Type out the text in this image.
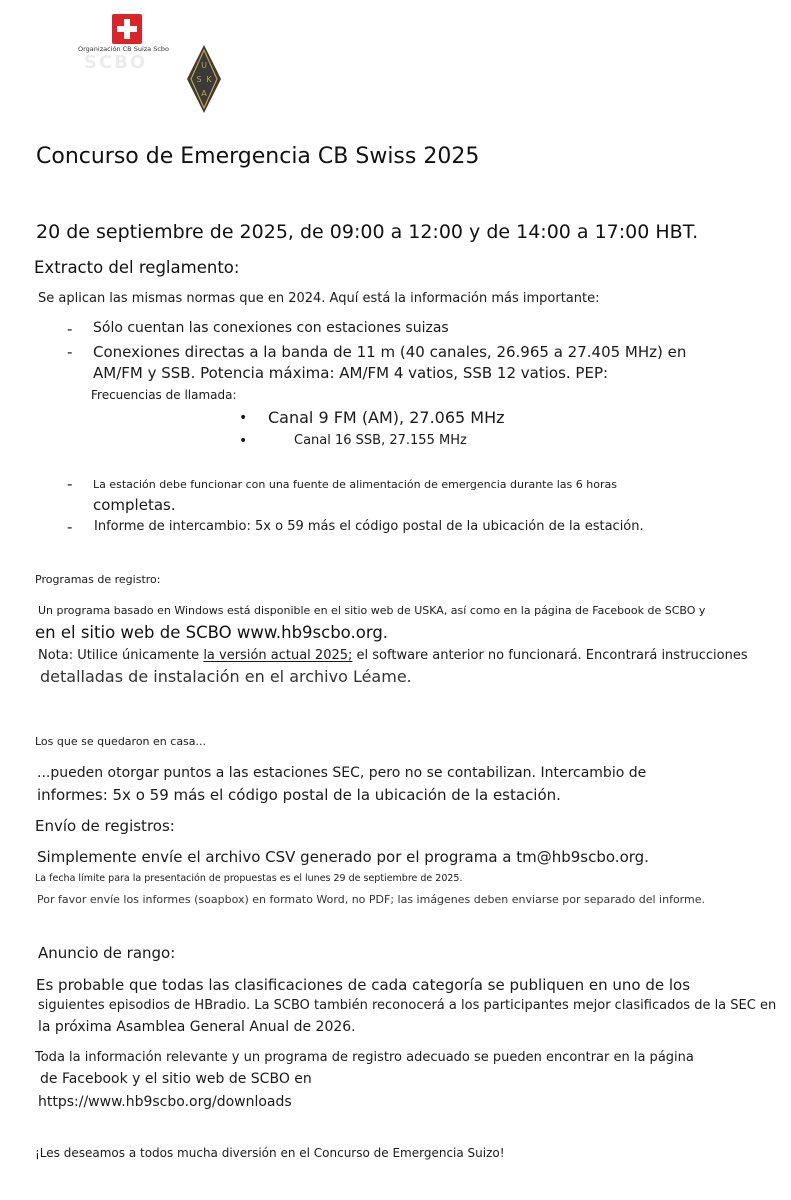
SCBO
Organización CB Suiza Scbo
U
S K
A
Concurso de Emergencia CB Swiss 2025
20 de septiembre de 2025, de 09:00 a 12:00 y de 14:00 a 17:00 HBT.
Extracto del reglamento:
Se aplican las mismas normas que en 2024. Aquí está la información más importante:
- Sólo cuentan las conexiones con estaciones suizas
- Conexiones directas a la banda de 11 m (40 canales, 26.965 a 27.405 MHz) en
AM/FM y SSB. Potencia máxima: AM/FM 4 vatios, SSB 12 vatios. PEP:
Frecuencias de llamada:
• Canal 9 FM (AM), 27.065 MHz
•	Canal 16 SSB, 27.155 MHz
- La estación debe funcionar con una fuente de alimentación de emergencia durante las 6 horas
completas.
- Informe de intercambio: 5x o 59 más el código postal de la ubicación de la estación.
Programas de registro:
Un programa basado en Windows está disponible en el sitio web de USKA, así como en la página de Facebook de SCBO y
en el sitio web de SCBO www.hb9scbo.org.
Nota: Utilice únicamente la versión actual 2025; el software anterior no funcionará. Encontrará instrucciones
detalladas de instalación en el archivo Léame.
Los que se quedaron en casa...
...pueden otorgar puntos a las estaciones SEC, pero no se contabilizan. Intercambio de
informes: 5x o 59 más el código postal de la ubicación de la estación.
Envío de registros:
Simplemente envíe el archivo CSV generado por el programa a tm@hb9scbo.org.
La fecha límite para la presentación de propuestas es el lunes 29 de septiembre de 2025.
Por favor envíe los informes (soapbox) en formato Word, no PDF; las imágenes deben enviarse por separado del informe.
Anuncio de rango:
Es probable que todas las clasificaciones de cada categoría se publiquen en uno de los
siguientes episodios de HBradio. La SCBO también reconocerá a los participantes mejor clasificados de la SEC en
la próxima Asamblea General Anual de 2026.
Toda la información relevante y un programa de registro adecuado se pueden encontrar en la página
de Facebook y el sitio web de SCBO en
https://www.hb9scbo.org/downloads
¡Les deseamos a todos mucha diversión en el Concurso de Emergencia Suizo!
